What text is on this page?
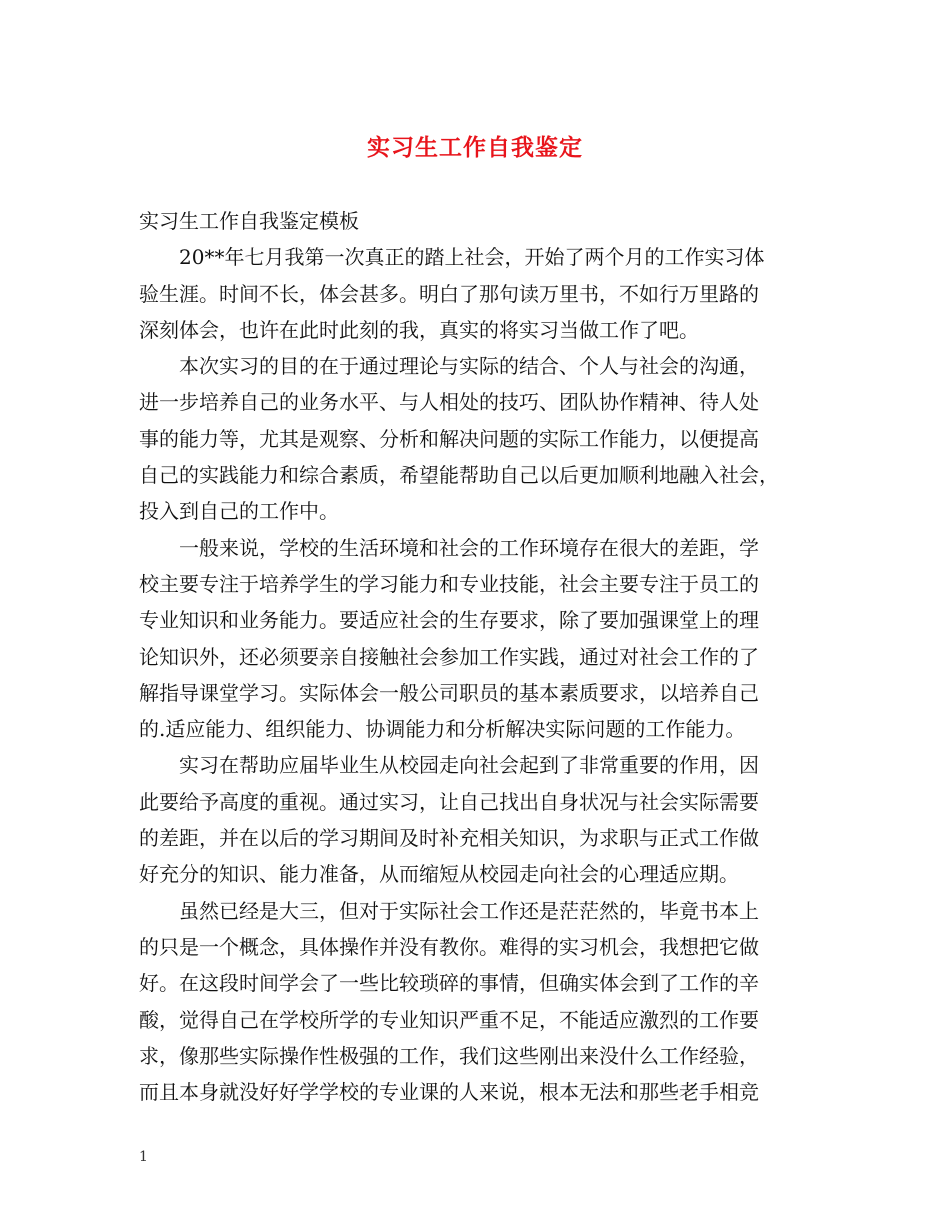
实习生工作自我鉴定

实习生工作自我鉴定模板

20**年七月我第一次真正的踏上社会，开始了两个月的工作实习体
验生涯。时间不长，体会甚多。明白了那句读万里书，不如行万里路的
深刻体会，也许在此时此刻的我，真实的将实习当做工作了吧。

本次实习的目的在于通过理论与实际的结合、个人与社会的沟通，
进一步培养自己的业务水平、与人相处的技巧、团队协作精神、待人处
事的能力等，尤其是观察、分析和解决问题的实际工作能力，以便提高
自己的实践能力和综合素质，希望能帮助自己以后更加顺利地融入社会，
投入到自己的工作中。

一般来说，学校的生活环境和社会的工作环境存在很大的差距，学
校主要专注于培养学生的学习能力和专业技能，社会主要专注于员工的
专业知识和业务能力。要适应社会的生存要求，除了要加强课堂上的理
论知识外，还必须要亲自接触社会参加工作实践，通过对社会工作的了
解指导课堂学习。实际体会一般公司职员的基本素质要求，以培养自己
的.适应能力、组织能力、协调能力和分析解决实际问题的工作能力。

实习在帮助应届毕业生从校园走向社会起到了非常重要的作用，因
此要给予高度的重视。通过实习，让自己找出自身状况与社会实际需要
的差距，并在以后的学习期间及时补充相关知识，为求职与正式工作做
好充分的知识、能力准备，从而缩短从校园走向社会的心理适应期。

虽然已经是大三，但对于实际社会工作还是茫茫然的，毕竟书本上
的只是一个概念，具体操作并没有教你。难得的实习机会，我想把它做
好。在这段时间学会了一些比较琐碎的事情，但确实体会到了工作的辛
酸，觉得自己在学校所学的专业知识严重不足，不能适应激烈的工作要
求，像那些实际操作性极强的工作，我们这些刚出来没什么工作经验，
而且本身就没好好学学校的专业课的人来说，根本无法和那些老手相竞

1
